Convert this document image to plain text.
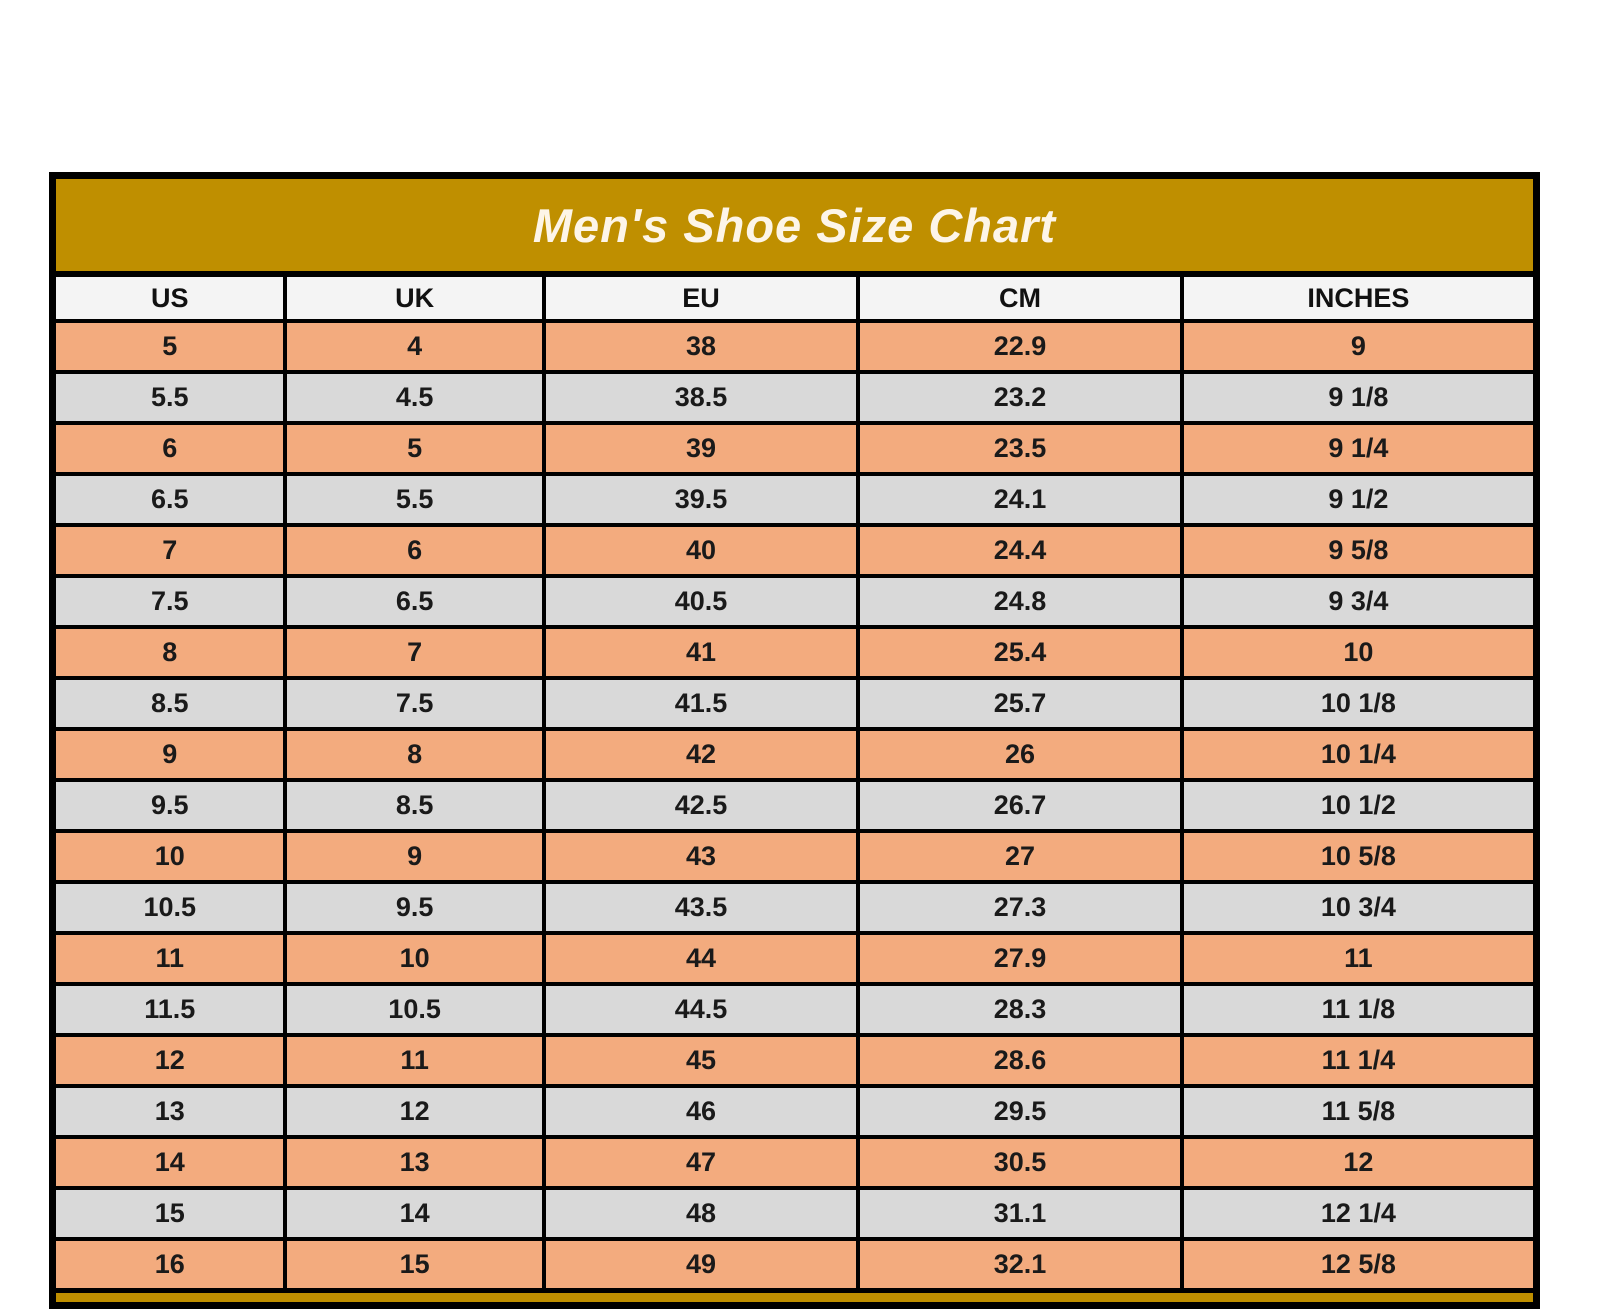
Men's Shoe Size Chart				
US	UK	EU	CM	INCHES
5	4	38	22.9	9
5.5	4.5	38.5	23.2	9 1/8
6	5	39	23.5	9 1/4
6.5	5.5	39.5	24.1	9 1/2
7	6	40	24.4	9 5/8
7.5	6.5	40.5	24.8	9 3/4
8	7	41	25.4	10
8.5	7.5	41.5	25.7	10 1/8
9	8	42	26	10 1/4
9.5	8.5	42.5	26.7	10 1/2
10	9	43	27	10 5/8
10.5	9.5	43.5	27.3	10 3/4
11	10	44	27.9	11
11.5	10.5	44.5	28.3	11 1/8
12	11	45	28.6	11 1/4
13	12	46	29.5	11 5/8
14	13	47	30.5	12
15	14	48	31.1	12 1/4
16	15	49	32.1	12 5/8
